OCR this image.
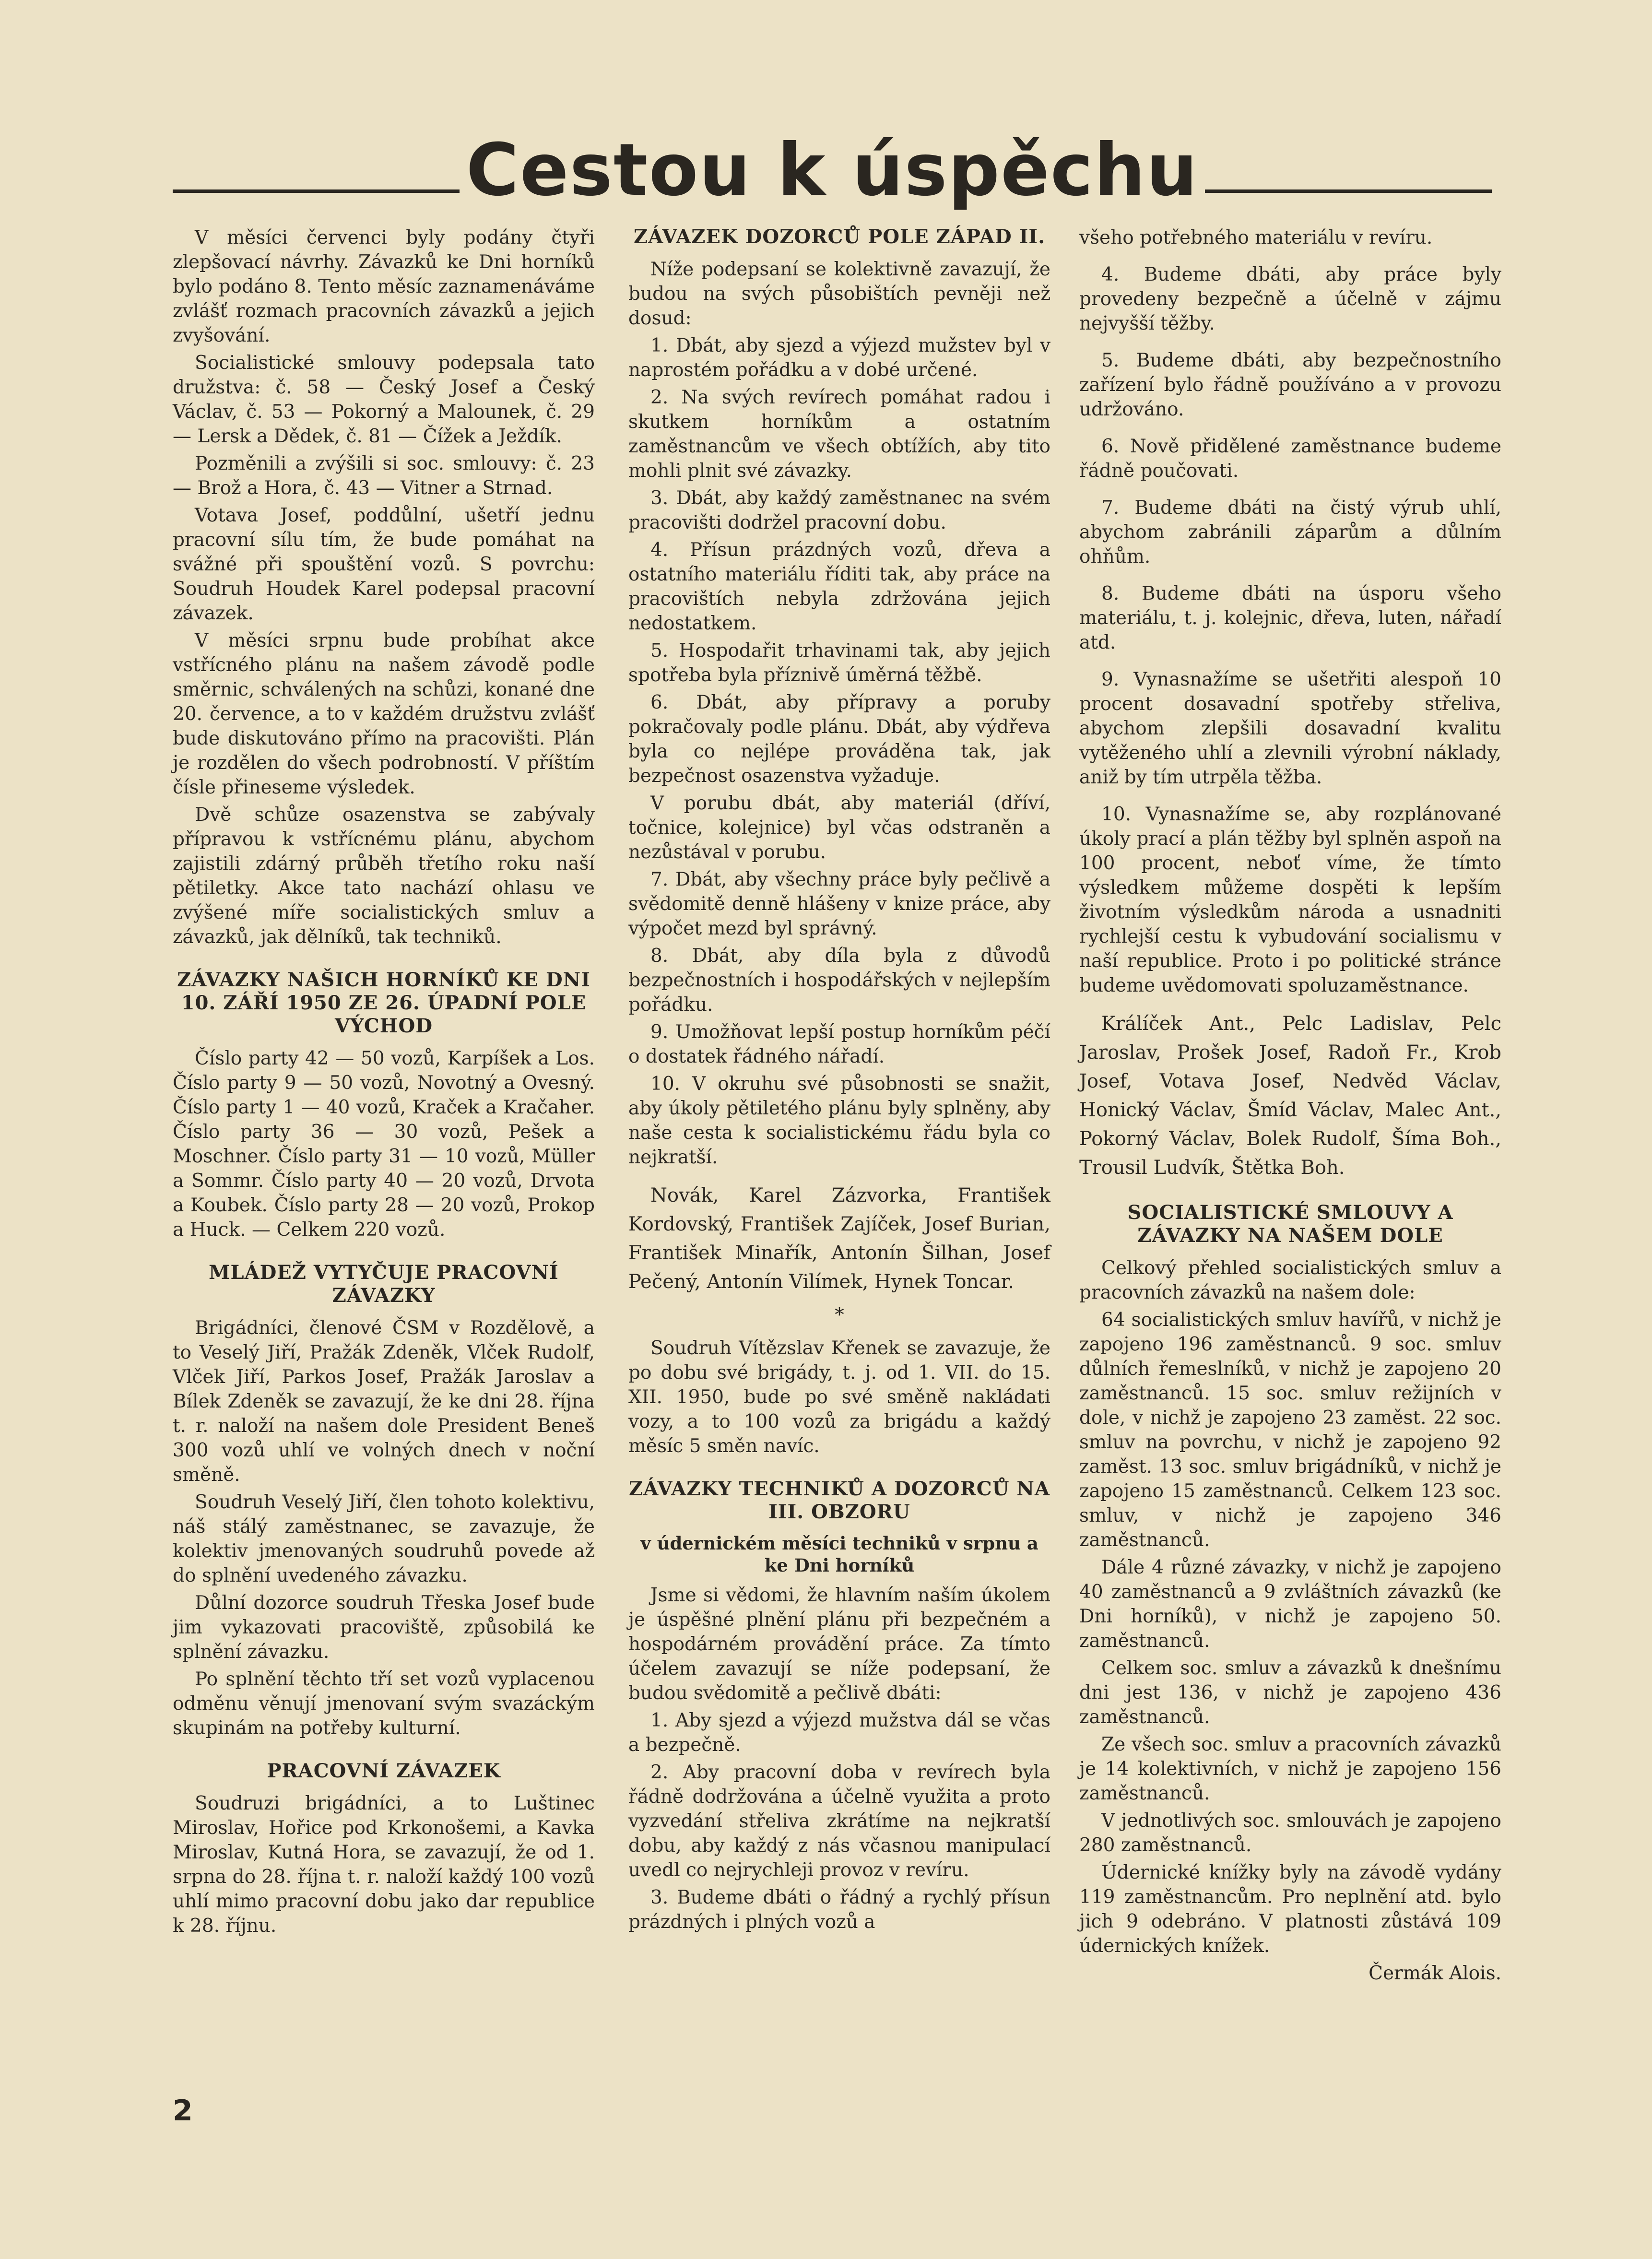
Cestou k úspěchu

V měsíci červenci byly podány čtyři zlepšovací návrhy. Závazků ke Dni horníků bylo podáno 8. Tento měsíc zaznamenáváme zvlášť rozmach pracovních závazků a jejich zvyšování.

Socialistické smlouvy podepsala tato družstva: č. 58 — Český Josef a Český Václav, č. 53 — Pokorný a Malounek, č. 29 — Lersk a Dědek, č. 81 — Čížek a Ježdík.

Pozměnili a zvýšili si soc. smlouvy: č. 23 — Brož a Hora, č. 43 — Vitner a Strnad.

Votava Josef, poddůlní, ušetří jednu pracovní sílu tím, že bude pomáhat na svážné při spouštění vozů. S povrchu: Soudruh Houdek Karel podepsal pracovní závazek.

V měsíci srpnu bude probíhat akce vstřícného plánu na našem závodě podle směrnic, schválených na schůzi, konané dne 20. července, a to v každém družstvu zvlášť bude diskutováno přímo na pracovišti. Plán je rozdělen do všech podrobností. V příštím čísle přineseme výsledek.

Dvě schůze osazenstva se zabývaly přípravou k vstřícnému plánu, abychom zajistili zdárný průběh třetího roku naší pětiletky. Akce tato nachází ohlasu ve zvýšené míře socialistických smluv a závazků, jak dělníků, tak techniků.

ZÁVAZKY NAŠICH HORNÍKŮ KE DNI 10. ZÁŘÍ 1950 ZE 26. ÚPADNÍ POLE VÝCHOD

Číslo party 42 — 50 vozů, Karpíšek a Los. Číslo party 9 — 50 vozů, Novotný a Ovesný. Číslo party 1 — 40 vozů, Kraček a Kračaher. Číslo party 36 — 30 vozů, Pešek a Moschner. Číslo party 31 — 10 vozů, Müller a Sommr. Číslo party 40 — 20 vozů, Drvota a Koubek. Číslo party 28 — 20 vozů, Prokop a Huck. — Celkem 220 vozů.

MLÁDEŽ VYTYČUJE PRACOVNÍ ZÁVAZKY

Brigádníci, členové ČSM v Rozdělově, a to Veselý Jiří, Pražák Zdeněk, Vlček Rudolf, Vlček Jiří, Parkos Josef, Pražák Jaroslav a Bílek Zdeněk se zavazují, že ke dni 28. října t. r. naloží na našem dole President Beneš 300 vozů uhlí ve volných dnech v noční směně.

Soudruh Veselý Jiří, člen tohoto kolektivu, náš stálý zaměstnanec, se zavazuje, že kolektiv jmenovaných soudruhů povede až do splnění uvedeného závazku.

Důlní dozorce soudruh Třeska Josef bude jim vykazovati pracoviště, způsobilá ke splnění závazku.

Po splnění těchto tří set vozů vyplacenou odměnu věnují jmenovaní svým svazáckým skupinám na potřeby kulturní.

PRACOVNÍ ZÁVAZEK

Soudruzi brigádníci, a to Luštinec Miroslav, Hořice pod Krkonošemi, a Kavka Miroslav, Kutná Hora, se zavazují, že od 1. srpna do 28. října t. r. naloží každý 100 vozů uhlí mimo pracovní dobu jako dar republice k 28. říjnu.

ZÁVAZEK DOZORCŮ POLE ZÁPAD II.

Níže podepsaní se kolektivně zavazují, že budou na svých působištích pevněji než dosud:

1. Dbát, aby sjezd a výjezd mužstev byl v naprostém pořádku a v dobé určené.

2. Na svých revírech pomáhat radou i skutkem horníkům a ostatním zaměstnancům ve všech obtížích, aby tito mohli plnit své závazky.

3. Dbát, aby každý zaměstnanec na svém pracovišti dodržel pracovní dobu.

4. Přísun prázdných vozů, dřeva a ostatního materiálu říditi tak, aby práce na pracovištích nebyla zdržována jejich nedostatkem.

5. Hospodařit trhavinami tak, aby jejich spotřeba byla příznivě úměrná těžbě.

6. Dbát, aby přípravy a poruby pokračovaly podle plánu. Dbát, aby výdřeva byla co nejlépe prováděna tak, jak bezpečnost osazenstva vyžaduje.

V porubu dbát, aby materiál (dříví, točnice, kolejnice) byl včas odstraněn a nezůstával v porubu.

7. Dbát, aby všechny práce byly pečlivě a svědomitě denně hlášeny v knize práce, aby výpočet mezd byl správný.

8. Dbát, aby díla byla z důvodů bezpečnostních i hospodářských v nejlepším pořádku.

9. Umožňovat lepší postup horníkům péčí o dostatek řádného nářadí.

10. V okruhu své působnosti se snažit, aby úkoly pětiletého plánu byly splněny, aby naše cesta k socialistickému řádu byla co nejkratší.

Novák, Karel Zázvorka, František Kordovský, František Zajíček, Josef Burian, František Minařík, Antonín Šilhan, Josef Pečený, Antonín Vilímek, Hynek Toncar.

*

Soudruh Vítězslav Křenek se zavazuje, že po dobu své brigády, t. j. od 1. VII. do 15. XII. 1950, bude po své směně nakládati vozy, a to 100 vozů za brigádu a každý měsíc 5 směn navíc.

ZÁVAZKY TECHNIKŮ A DOZORCŮ NA III. OBZORU
v údernickém měsíci techniků v srpnu a ke Dni horníků

Jsme si vědomi, že hlavním naším úkolem je úspěšné plnění plánu při bezpečném a hospodárném provádění práce. Za tímto účelem zavazují se níže podepsaní, že budou svědomitě a pečlivě dbáti:

1. Aby sjezd a výjezd mužstva dál se včas a bezpečně.

2. Aby pracovní doba v revírech byla řádně dodržována a účelně využita a proto vyzvedání střeliva zkrátíme na nejkratší dobu, aby každý z nás včasnou manipulací uvedl co nejrychleji provoz v revíru.

3. Budeme dbáti o řádný a rychlý přísun prázdných i plných vozů a

všeho potřebného materiálu v revíru.

4. Budeme dbáti, aby práce byly provedeny bezpečně a účelně v zájmu nejvyšší těžby.

5. Budeme dbáti, aby bezpečnostního zařízení bylo řádně používáno a v provozu udržováno.

6. Nově přidělené zaměstnance budeme řádně poučovati.

7. Budeme dbáti na čistý výrub uhlí, abychom zabránili záparům a důlním ohňům.

8. Budeme dbáti na úsporu všeho materiálu, t. j. kolejnic, dřeva, luten, nářadí atd.

9. Vynasnažíme se ušetřiti alespoň 10 procent dosavadní spotřeby střeliva, abychom zlepšili dosavadní kvalitu vytěženého uhlí a zlevnili výrobní náklady, aniž by tím utrpěla těžba.

10. Vynasnažíme se, aby rozplánované úkoly prací a plán těžby byl splněn aspoň na 100 procent, neboť víme, že tímto výsledkem můžeme dospěti k lepším životním výsledkům národa a usnadniti rychlejší cestu k vybudování socialismu v naší republice. Proto i po politické stránce budeme uvědomovati spoluzaměstnance.

Králíček Ant., Pelc Ladislav, Pelc Jaroslav, Prošek Josef, Radoň Fr., Krob Josef, Votava Josef, Nedvěd Václav, Honický Václav, Šmíd Václav, Malec Ant., Pokorný Václav, Bolek Rudolf, Šíma Boh., Trousil Ludvík, Štětka Boh.

SOCIALISTICKÉ SMLOUVY A ZÁVAZKY NA NAŠEM DOLE

Celkový přehled socialistických smluv a pracovních závazků na našem dole:

64 socialistických smluv havířů, v nichž je zapojeno 196 zaměstnanců. 9 soc. smluv důlních řemeslníků, v nichž je zapojeno 20 zaměstnanců. 15 soc. smluv režijních v dole, v nichž je zapojeno 23 zaměst. 22 soc. smluv na povrchu, v nichž je zapojeno 92 zaměst. 13 soc. smluv brigádníků, v nichž je zapojeno 15 zaměstnanců. Celkem 123 soc. smluv, v nichž je zapojeno 346 zaměstnanců.

Dále 4 různé závazky, v nichž je zapojeno 40 zaměstnanců a 9 zvláštních závazků (ke Dni horníků), v nichž je zapojeno 50. zaměstnanců.

Celkem soc. smluv a závazků k dnešnímu dni jest 136, v nichž je zapojeno 436 zaměstnanců.

Ze všech soc. smluv a pracovních závazků je 14 kolektivních, v nichž je zapojeno 156 zaměstnanců.

V jednotlivých soc. smlouvách je zapojeno 280 zaměstnanců.

Údernické knížky byly na závodě vydány 119 zaměstnancům. Pro neplnění atd. bylo jich 9 odebráno. V platnosti zůstává 109 údernických knížek.

Čermák Alois.
2
